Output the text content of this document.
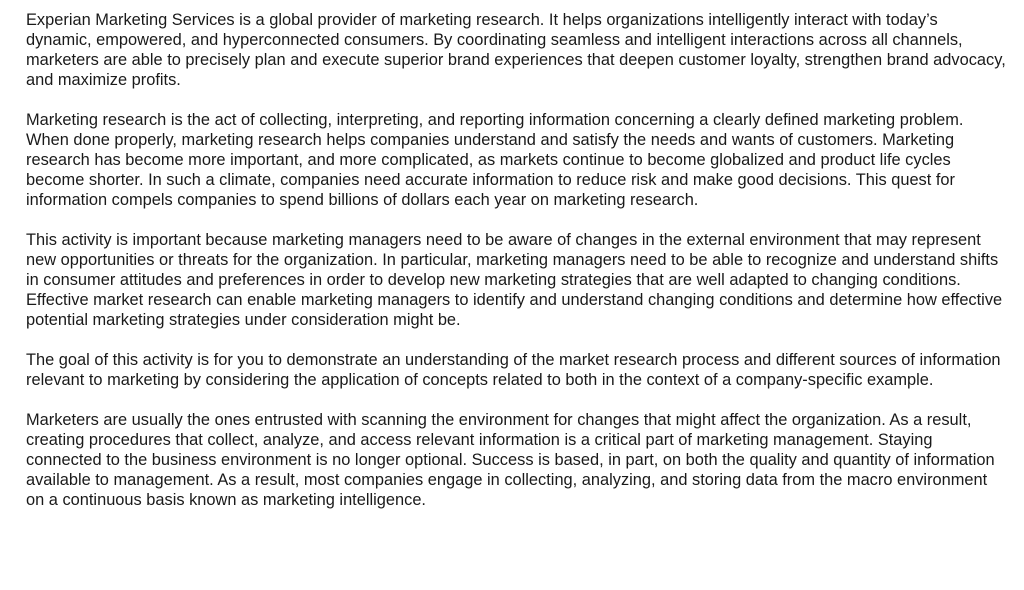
Experian Marketing Services is a global provider of marketing research. It helps organizations intelligently interact with today’s dynamic, empowered, and hyperconnected consumers. By coordinating seamless and intelligent interactions across all channels, marketers are able to precisely plan and execute superior brand experiences that deepen customer loyalty, strengthen brand advocacy, and maximize profits.

Marketing research is the act of collecting, interpreting, and reporting information concerning a clearly defined marketing problem. When done properly, marketing research helps companies understand and satisfy the needs and wants of customers. Marketing research has become more important, and more complicated, as markets continue to become globalized and product life cycles become shorter. In such a climate, companies need accurate information to reduce risk and make good decisions. This quest for information compels companies to spend billions of dollars each year on marketing research.

This activity is important because marketing managers need to be aware of changes in the external environment that may represent new opportunities or threats for the organization. In particular, marketing managers need to be able to recognize and understand shifts in consumer attitudes and preferences in order to develop new marketing strategies that are well adapted to changing conditions. Effective market research can enable marketing managers to identify and understand changing conditions and determine how effective potential marketing strategies under consideration might be.

The goal of this activity is for you to demonstrate an understanding of the market research process and different sources of information relevant to marketing by considering the application of concepts related to both in the context of a company-specific example.

Marketers are usually the ones entrusted with scanning the environment for changes that might affect the organization. As a result, creating procedures that collect, analyze, and access relevant information is a critical part of marketing management. Staying connected to the business environment is no longer optional. Success is based, in part, on both the quality and quantity of information available to management. As a result, most companies engage in collecting, analyzing, and storing data from the macro environment on a continuous basis known as marketing intelligence.
